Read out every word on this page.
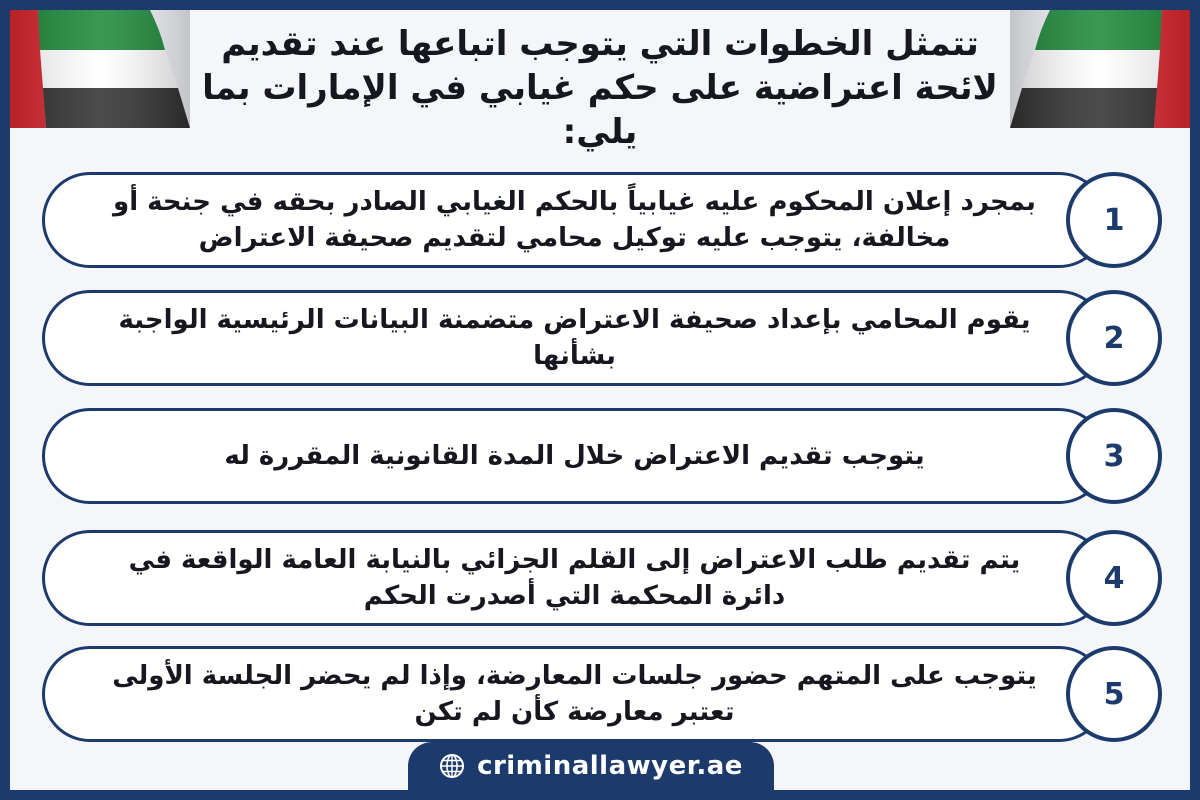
تتمثل الخطوات التي يتوجب اتباعها عند تقديم لائحة اعتراضية على حكم غيابي في الإمارات بما يلي:
بمجرد إعلان المحكوم عليه غيابياً بالحكم الغيابي الصادر بحقه في جنحة أو مخالفة، يتوجب عليه توكيل محامي لتقديم صحيفة الاعتراض
1
يقوم المحامي بإعداد صحيفة الاعتراض متضمنة البيانات الرئيسية الواجبة بشأنها
2
يتوجب تقديم الاعتراض خلال المدة القانونية المقررة له	3
يتم تقديم طلب الاعتراض إلى القلم الجزائي بالنيابة العامة الواقعة في دائرة المحكمة التي أصدرت الحكم
4
يتوجب على المتهم حضور جلسات المعارضة، وإذا لم يحضر الجلسة الأولى تعتبر معارضة كأن لم تكن
5
criminallawyer.ae
